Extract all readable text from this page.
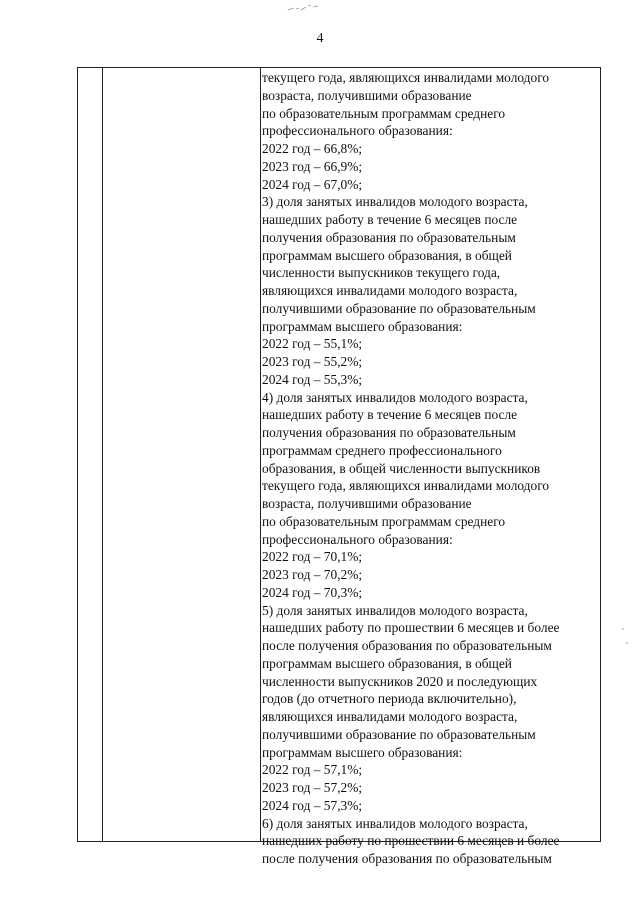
4
текущего года, являющихся инвалидами молодого
возраста, получившими образование
по образовательным программам среднего
профессионального образования:
2022 год – 66,8%;
2023 год – 66,9%;
2024 год – 67,0%;
3) доля занятых инвалидов молодого возраста,
нашедших работу в течение 6 месяцев после
получения образования по образовательным
программам высшего образования, в общей
численности выпускников текущего года,
являющихся инвалидами молодого возраста,
получившими образование по образовательным
программам высшего образования:
2022 год – 55,1%;
2023 год – 55,2%;
2024 год – 55,3%;
4) доля занятых инвалидов молодого возраста,
нашедших работу в течение 6 месяцев после
получения образования по образовательным
программам среднего профессионального
образования, в общей численности выпускников
текущего года, являющихся инвалидами молодого
возраста, получившими образование
по образовательным программам среднего
профессионального образования:
2022 год – 70,1%;
2023 год – 70,2%;
2024 год – 70,3%;
5) доля занятых инвалидов молодого возраста,
нашедших работу по прошествии 6 месяцев и более
после получения образования по образовательным
программам высшего образования, в общей
численности выпускников 2020 и последующих
годов (до отчетного периода включительно),
являющихся инвалидами молодого возраста,
получившими образование по образовательным
программам высшего образования:
2022 год – 57,1%;
2023 год – 57,2%;
2024 год – 57,3%;
6) доля занятых инвалидов молодого возраста,
нашедших работу по прошествии 6 месяцев и более
после получения образования по образовательным
